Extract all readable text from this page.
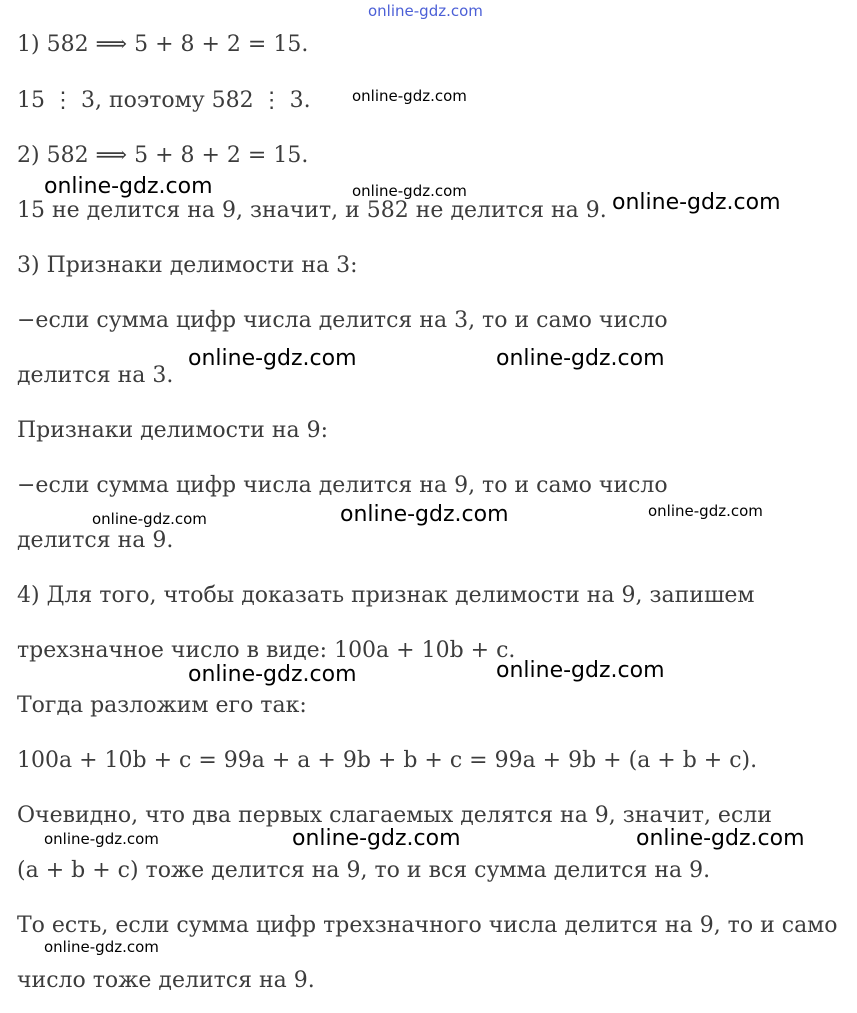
online-gdz.com

1) 582 ⟹ 5 + 8 + 2 = 15.

15 ⋮ 3, поэтому 582 ⋮ 3.

2) 582 ⟹ 5 + 8 + 2 = 15.

15 не делится на 9, значит, и 582 не делится на 9.

3) Признаки делимости на 3:

−если сумма цифр числа делится на 3, то и само число

делится на 3.

Признаки делимости на 9:

−если сумма цифр числа делится на 9, то и само число

делится на 9.

4) Для того, чтобы доказать признак делимости на 9, запишем

трехзначное число в виде: 100a + 10b + c.

Тогда разложим его так:

100a + 10b + c = 99a + a + 9b + b + c = 99a + 9b + (a + b + c).

Очевидно, что два первых слагаемых делятся на 9, значит, если

(a + b + c) тоже делится на 9, то и вся сумма делится на 9.

То есть, если сумма цифр трехзначного числа делится на 9, то и само

число тоже делится на 9.

online-gdz.com
online-gdz.com	online-gdz.com	online-gdz.com
online-gdz.com	online-gdz.com
online-gdz.com	online-gdz.com	online-gdz.com
online-gdz.com	online-gdz.com
online-gdz.com	online-gdz.com	online-gdz.com
online-gdz.com
